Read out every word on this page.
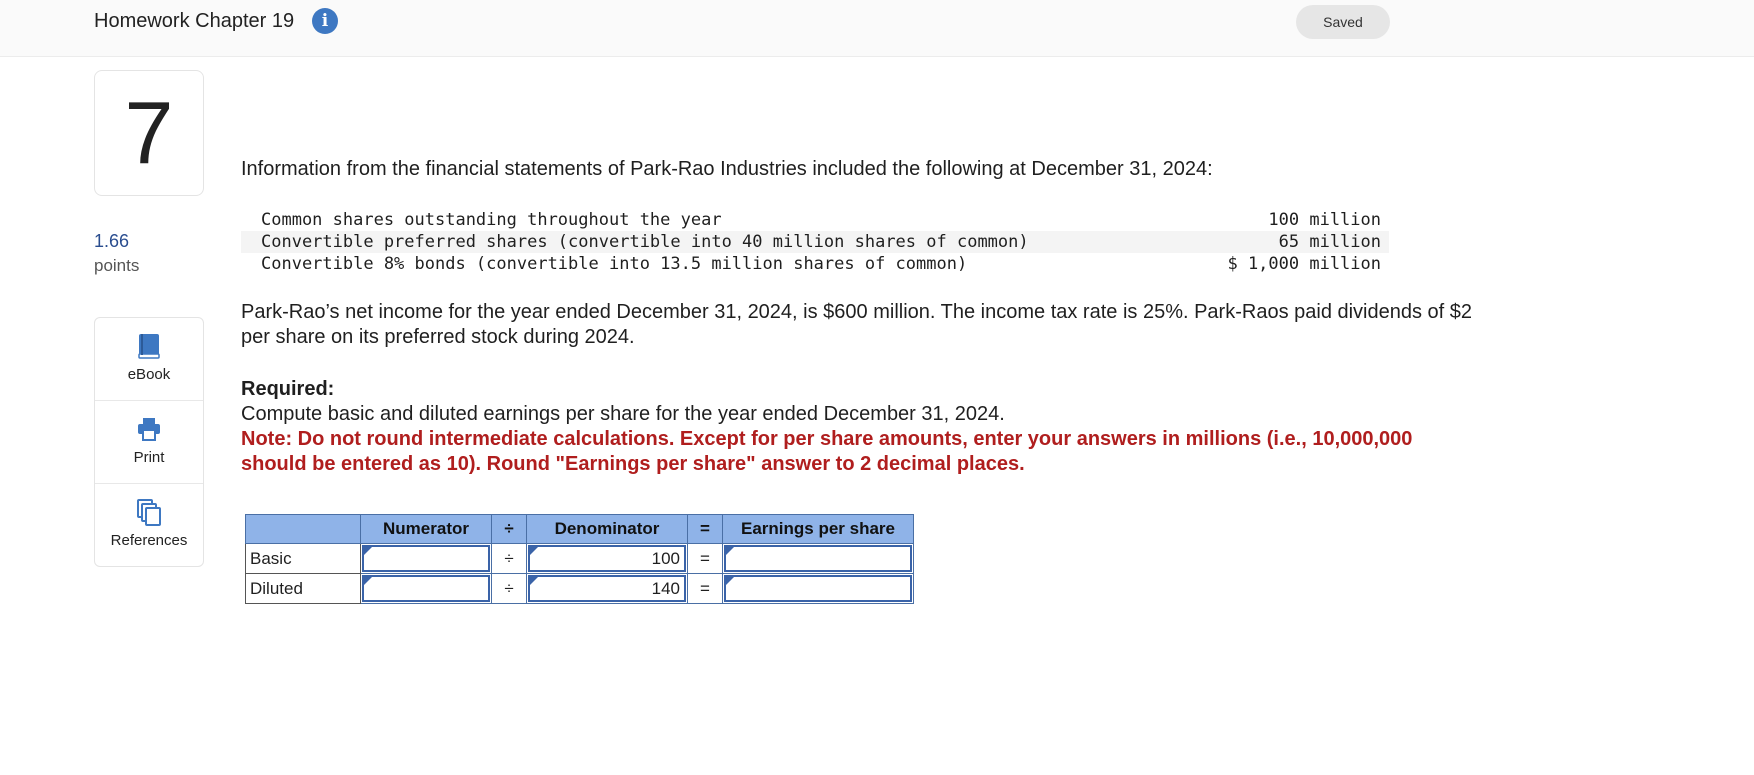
Homework Chapter 19	i	Saved
7
1.66
points
eBook
Print
References
Information from the financial statements of Park-Rao Industries included the following at December 31, 2024:
Common shares outstanding throughout the year	100 million
Convertible preferred shares (convertible into 40 million shares of common)	65 million
Convertible 8% bonds (convertible into 13.5 million shares of common)	$ 1,000 million
Park-Rao’s net income for the year ended December 31, 2024, is $600 million. The income tax rate is 25%. Park-Raos paid dividends of $2 per share on its preferred stock during 2024.
Required:
Compute basic and diluted earnings per share for the year ended December 31, 2024.
Note: Do not round intermediate calculations. Except for per share amounts, enter your answers in millions (i.e., 10,000,000 should be entered as 10). Round "Earnings per share" answer to 2 decimal places.
	Numerator	÷	Denominator	=	Earnings per share
Basic		÷	100	=	

Diluted		÷	140	=	
